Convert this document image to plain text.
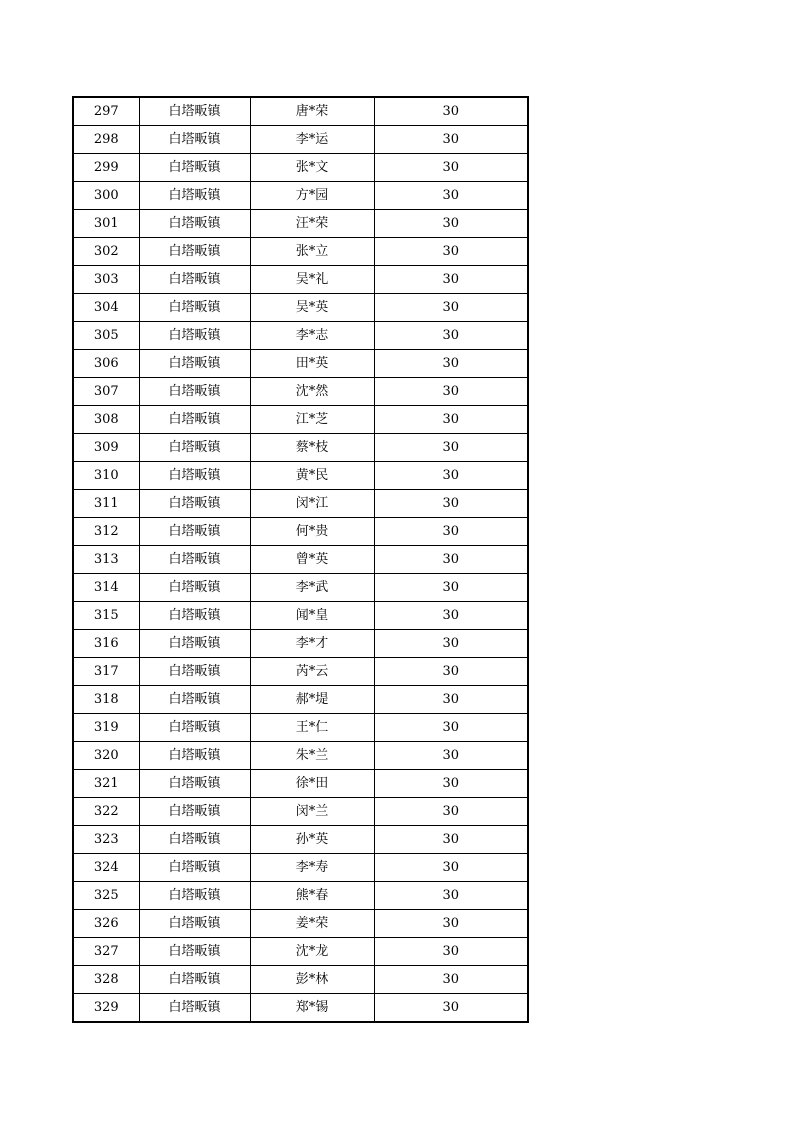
297	白塔畈镇	唐*荣	30
298	白塔畈镇	李*运	30
299	白塔畈镇	张*文	30
300	白塔畈镇	方*园	30
301	白塔畈镇	汪*荣	30
302	白塔畈镇	张*立	30
303	白塔畈镇	吴*礼	30
304	白塔畈镇	吴*英	30
305	白塔畈镇	李*志	30
306	白塔畈镇	田*英	30
307	白塔畈镇	沈*然	30
308	白塔畈镇	江*芝	30
309	白塔畈镇	蔡*枝	30
310	白塔畈镇	黄*民	30
311	白塔畈镇	闵*江	30
312	白塔畈镇	何*贵	30
313	白塔畈镇	曾*英	30
314	白塔畈镇	李*武	30
315	白塔畈镇	闻*皇	30
316	白塔畈镇	李*才	30
317	白塔畈镇	芮*云	30
318	白塔畈镇	郝*堤	30
319	白塔畈镇	王*仁	30
320	白塔畈镇	朱*兰	30
321	白塔畈镇	徐*田	30
322	白塔畈镇	闵*兰	30
323	白塔畈镇	孙*英	30
324	白塔畈镇	李*寿	30
325	白塔畈镇	熊*春	30
326	白塔畈镇	姜*荣	30
327	白塔畈镇	沈*龙	30
328	白塔畈镇	彭*林	30
329	白塔畈镇	郑*锡	30
